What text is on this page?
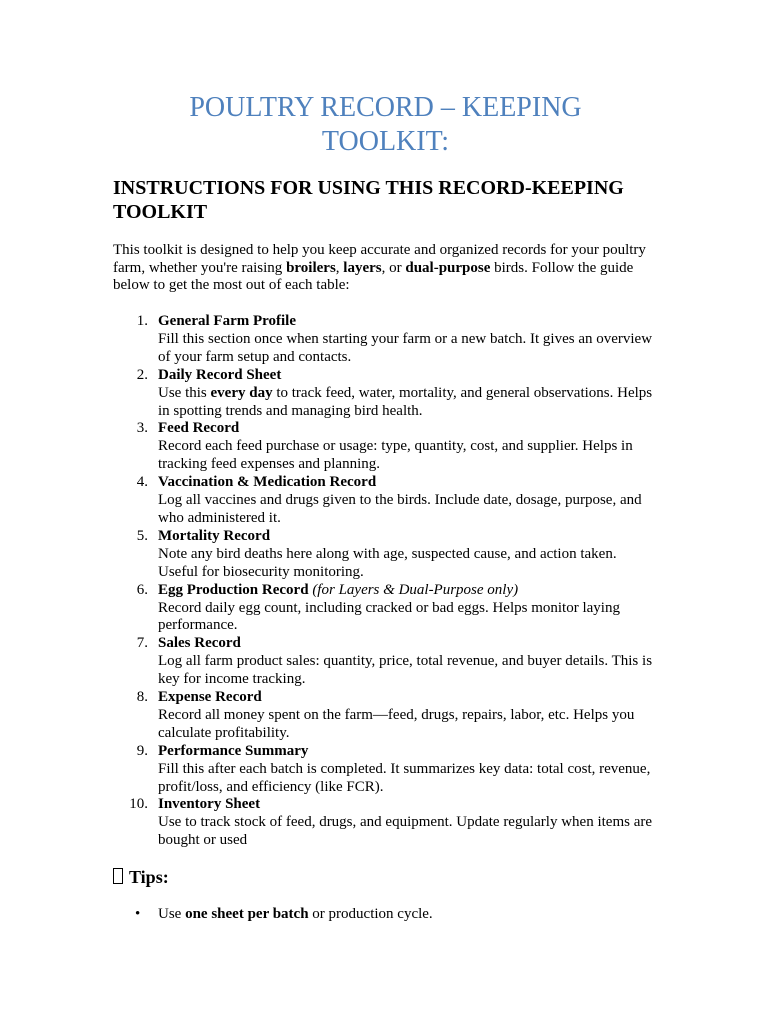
POULTRY RECORD – KEEPING
TOOLKIT:
INSTRUCTIONS FOR USING THIS RECORD-KEEPING
TOOLKIT

This toolkit is designed to help you keep accurate and organized records for your poultry farm, whether you're raising broilers, layers, or dual-purpose birds. Follow the guide below to get the most out of each table:

1. General Farm Profile
Fill this section once when starting your farm or a new batch. It gives an overview of your farm setup and contacts.
2. Daily Record Sheet
Use this every day to track feed, water, mortality, and general observations. Helps in spotting trends and managing bird health.
3. Feed Record
Record each feed purchase or usage: type, quantity, cost, and supplier. Helps in tracking feed expenses and planning.
4. Vaccination & Medication Record
Log all vaccines and drugs given to the birds. Include date, dosage, purpose, and who administered it.
5. Mortality Record
Note any bird deaths here along with age, suspected cause, and action taken. Useful for biosecurity monitoring.
6. Egg Production Record (for Layers & Dual-Purpose only)
Record daily egg count, including cracked or bad eggs. Helps monitor laying performance.
7. Sales Record
Log all farm product sales: quantity, price, total revenue, and buyer details. This is key for income tracking.
8. Expense Record
Record all money spent on the farm—feed, drugs, repairs, labor, etc. Helps you calculate profitability.
9. Performance Summary
Fill this after each batch is completed. It summarizes key data: total cost, revenue, profit/loss, and efficiency (like FCR).
10. Inventory Sheet
Use to track stock of feed, drugs, and equipment. Update regularly when items are bought or used
Tips:
• Use one sheet per batch or production cycle.
